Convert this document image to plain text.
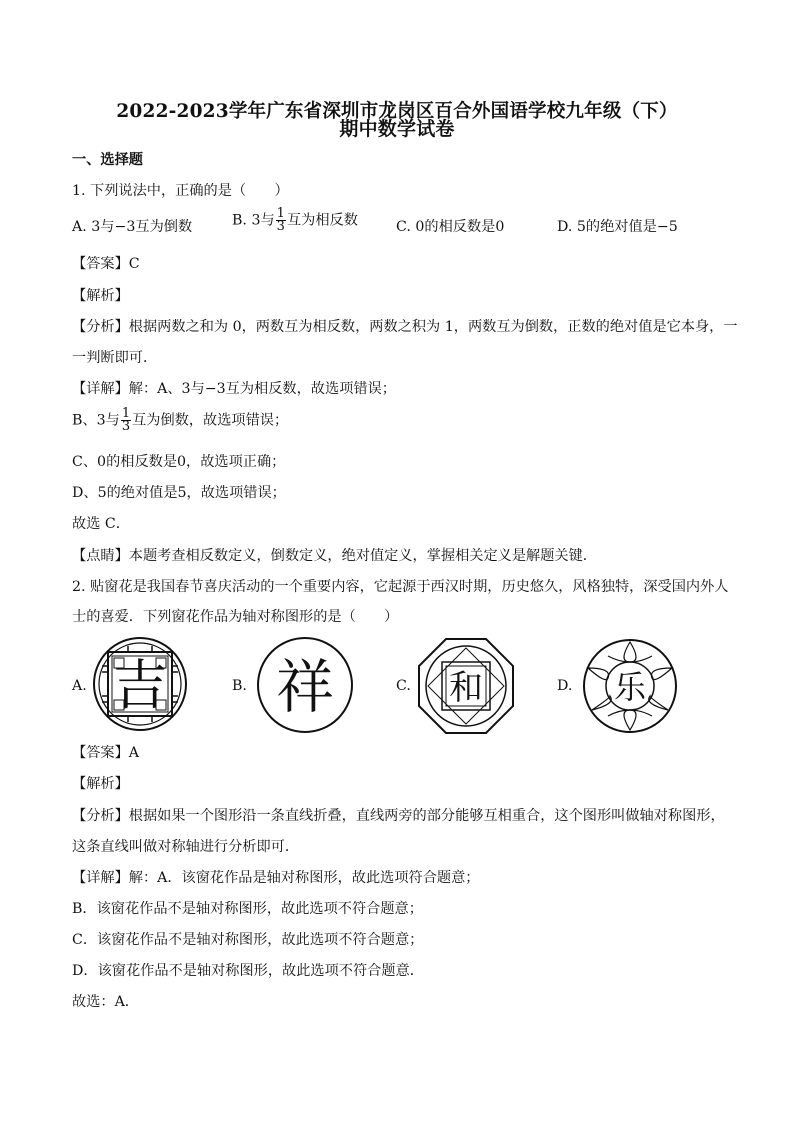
2022-2023学年广东省深圳市龙岗区百合外国语学校九年级（下）
期中数学试卷
一、选择题
1. 下列说法中，正确的是（　　）
A. 3与−3互为倒数	B. 3与 $\frac{1}{3}$ 互为相反数	C. 0的相反数是0	D. 5的绝对值是−5
【答案】C
【解析】
【分析】根据两数之和为 0，两数互为相反数，两数之积为 1，两数互为倒数，正数的绝对值是它本身，一
一判断即可．
【详解】解：A、3与−3互为相反数，故选项错误；
B、3与 $\frac{1}{3}$ 互为倒数，故选项错误；
C、0的相反数是0，故选项正确；
D、5的绝对值是5，故选项错误；
故选 C．
【点睛】本题考查相反数定义，倒数定义，绝对值定义，掌握相关定义是解题关键．
2. 贴窗花是我国春节喜庆活动的一个重要内容，它起源于西汉时期，历史悠久，风格独特，深受国内外人
士的喜爱．下列窗花作品为轴对称图形的是（　　）
A. 吉	B. 祥	C. 和	D. 乐
【答案】A
【解析】
【分析】根据如果一个图形沿一条直线折叠，直线两旁的部分能够互相重合，这个图形叫做轴对称图形，
这条直线叫做对称轴进行分析即可．
【详解】解：A．该窗花作品是轴对称图形，故此选项符合题意；
B．该窗花作品不是轴对称图形，故此选项不符合题意；
C．该窗花作品不是轴对称图形，故此选项不符合题意；
D．该窗花作品不是轴对称图形，故此选项不符合题意．
故选：A．
